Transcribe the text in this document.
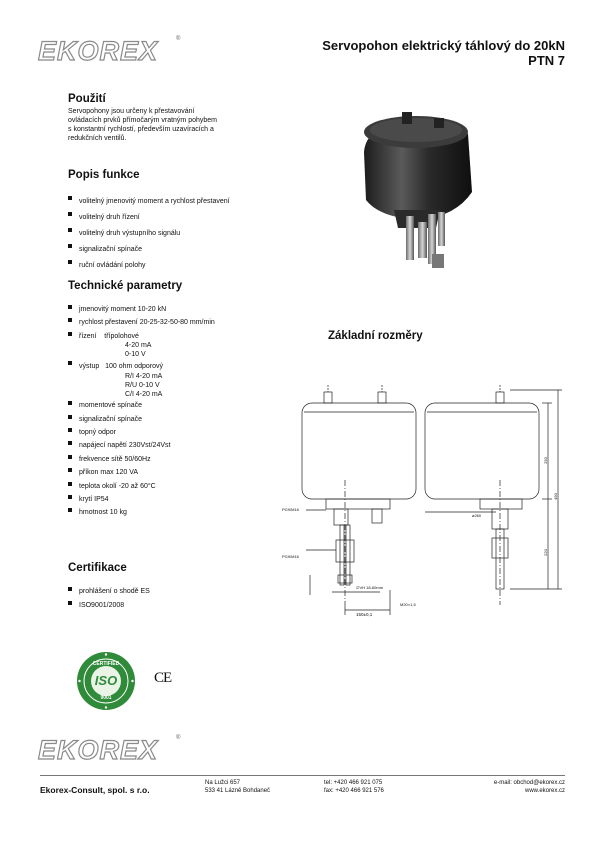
EKOREX	®	Servopohon elektrický táhlový do 20kN
PTN 7
Použití
Servopohony jsou určeny k přestavování
ovládacích prvků přímočarým vratným pohybem
s konstantní rychlostí, především uzavíracích a
redukčních ventilů.
Popis funkce
volitelný jmenovitý moment a rychlost přestavení
volitelný druh řízení
volitelný druh výstupního signálu
signalizační spínače
ruční ovládání polohy
Technické parametry
jmenovitý moment 10-20 kN
rychlost přestavení 20-25-32-50-80 mm/min
řízení    třípolohové
4-20 mA
0-10 V
výstup   100 ohm odporový
R/I 4-20 mA
R/U 0-10 V
C/I 4-20 mA
momentové spínače
signalizační spínače
topný odpor
napájecí napětí 230Vst/24Vst
frekvence sítě 50/60Hz
příkon max 120 VA
teplota okolí -20 až 60°C
krytí IP54
hmotnost 10 kg
Certifikace
prohlášení o shodě ES
ISO9001/2008
CERTIFIED
ISO
9001
CE
Základní rozměry
PG9/M16
PG9/M16
ø260
150±0,1
M20×1,5
∅VH 18-60mm
250
490
220
EKOREX	®
Ekorex-Consult, spol. s r.o.
Na Lužci 657
533 41 Lázně Bohdaneč
tel: +420 466 921 075
fax: +420 466 921 576
e-mail: obchod@ekorex.cz
www.ekorex.cz
